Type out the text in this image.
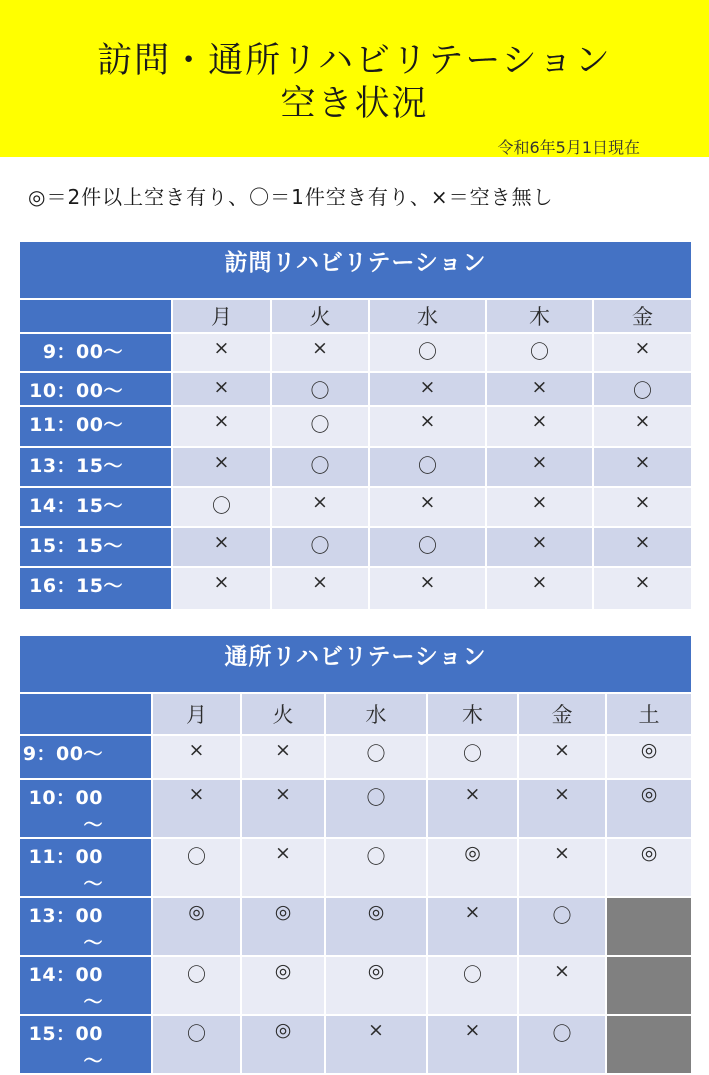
訪問・通所リハビリテーション
空き状況
令和6年5月1日現在
◎＝2件以上空き有り、〇＝1件空き有り、×＝空き無し
訪問リハビリテーション					
	月	火	水	木	金
9：00～	×	×	〇	〇	×
10：00～	×	〇	×	×	〇
11：00～	×	〇	×	×	×
13：15～	×	〇	〇	×	×
14：15～	〇	×	×	×	×
15：15～	×	〇	〇	×	×
16：15～	×	×	×	×	×
通所リハビリテーション						
	月	火	水	木	金	土
9：00～	×	×	〇	〇	×	◎
10：00～	×	×	〇	×	×	◎
11：00～	〇	×	〇	◎	×	◎
13：00～	◎	◎	◎	×	〇	
14：00～	〇	◎	◎	〇	×	
15：00～	〇	◎	×	×	〇	
